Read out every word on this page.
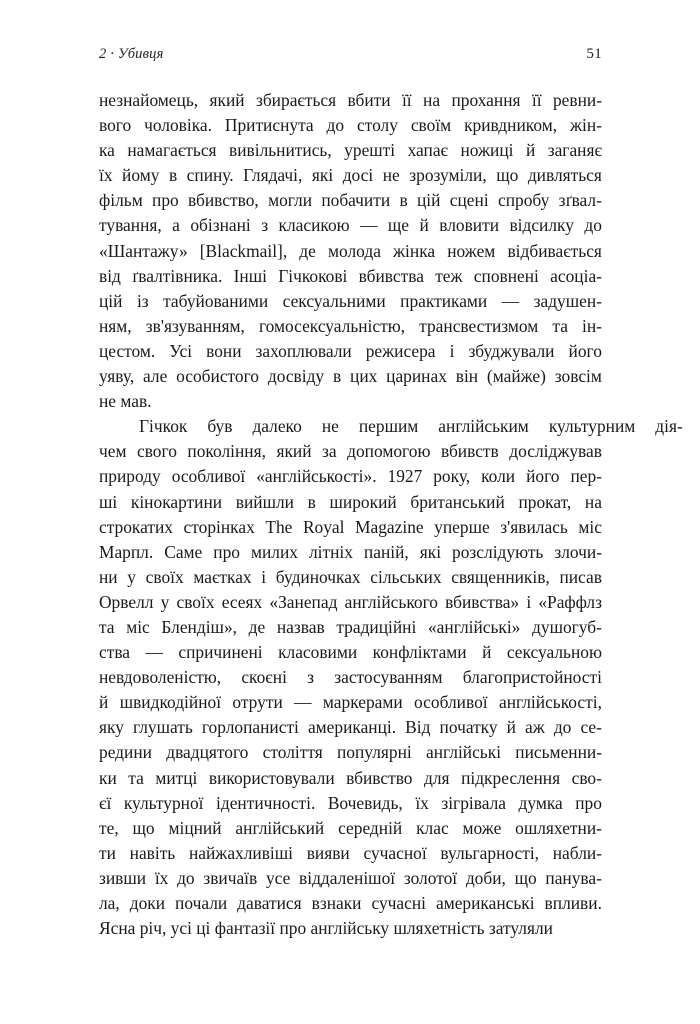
2 · Убивця	51

незнайомець, який збирається вбити її на прохання її ревни-
вого чоловіка. Притиснута до столу своїм кривдником, жін-
ка намагається вивільнитись, урешті хапає ножиці й заганяє
їх йому в спину. Глядачі, які досі не зрозуміли, що дивляться
фільм про вбивство, могли побачити в цій сцені спробу зґвал-
тування, а обізнані з класикою — ще й вловити відсилку до
«Шантажу» [Blackmail], де молода жінка ножем відбивається
від ґвалтівника. Інші Гічкокові вбивства теж сповнені асоціа-
цій із табуйованими сексуальними практиками — задушен-
ням, зв'язуванням, гомосексуальністю, трансвестизмом та ін-
цестом. Усі вони захоплювали режисера і збуджували його
уяву, але особистого досвіду в цих царинах він (майже) зовсім
не мав.

Гічкок	був	далеко	не	першим	англійським	культурним	дія-
чем свого покоління, який за допомогою вбивств досліджував
природу особливої «англійськості». 1927 року, коли його пер-
ші кінокартини вийшли в широкий британський прокат, на
строкатих сторінках The Royal Magazine уперше з'явилась міс
Марпл. Саме про милих літніх паній, які розслідують злочи-
ни у своїх маєтках і будиночках сільських священників, писав
Орвелл у своїх есеях «Занепад англійського вбивства» і «Раффлз
та міс Блендіш», де назвав традиційні «англійські» душогуб-
ства — спричинені класовими конфліктами й сексуальною
невдоволеністю, скоєні з застосуванням благопристойності
й швидкодійної отрути — маркерами особливої англійськості,
яку глушать горлопанисті американці. Від початку й аж до се-
редини двадцятого століття популярні англійські письменни-
ки та митці використовували вбивство для підкреслення сво-
єї культурної ідентичності. Вочевидь, їх зігрівала думка про
те, що міцний англійський середній клас може ошляхетни-
ти навіть найжахливіші вияви сучасної вульгарності, набли-
зивши їх до звичаїв усе віддаленішої золотої доби, що панува-
ла, доки почали даватися взнаки сучасні американські впливи.
Ясна річ, усі ці фантазії про англійську шляхетність затуляли
